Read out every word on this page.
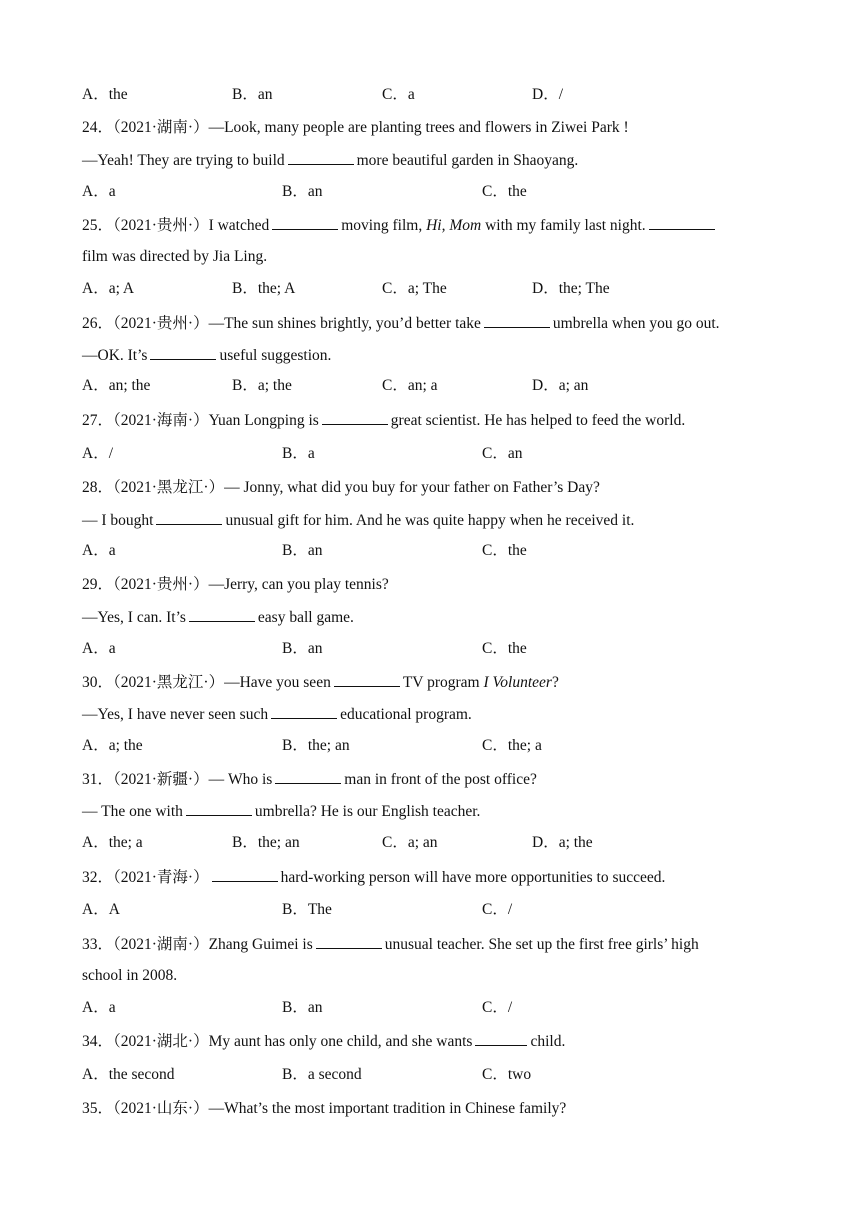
A．the	B．an	C．a	D．/
24．（2021·湖南·）—Look, many people are planting trees and flowers in Ziwei Park !
—Yeah! They are trying to build	more beautiful garden in Shaoyang.
A．a	B．an	C．the
25．（2021·贵州·）I watched	moving film, Hi, Mom with my family last night.
film was directed by Jia Ling.
A．a; A	B．the; A	C．a; The	D．the; The
26．（2021·贵州·）—The sun shines brightly, you’d better take	umbrella when you go out.
—OK. It’s	useful suggestion.
A．an; the	B．a; the	C．an; a	D．a; an
27．（2021·海南·）Yuan Longping is	great scientist. He has helped to feed the world.
A．/	B．a	C．an
28．（2021·黑龙江·）— Jonny, what did you buy for your father on Father’s Day?
— I bought	unusual gift for him. And he was quite happy when he received it.
A．a	B．an	C．the
29．（2021·贵州·）—Jerry, can you play tennis?
—Yes, I can. It’s	easy ball game.
A．a	B．an	C．the
30．（2021·黑龙江·）—Have you seen	TV program I Volunteer?
—Yes, I have never seen such	educational program.
A．a; the	B．the; an	C．the; a
31．（2021·新疆·）— Who is	man in front of the post office?
— The one with	umbrella? He is our English teacher.
A．the; a	B．the; an	C．a; an	D．a; the
32．（2021·青海·）	hard-working person will have more opportunities to succeed.
A．A	B．The	C．/
33．（2021·湖南·）Zhang Guimei is	unusual teacher. She set up the first free girls’ high
school in 2008.
A．a	B．an	C．/
34．（2021·湖北·）My aunt has only one child, and she wants	child.
A．the second	B．a second	C．two
35．（2021·山东·）—What’s the most important tradition in Chinese family?
